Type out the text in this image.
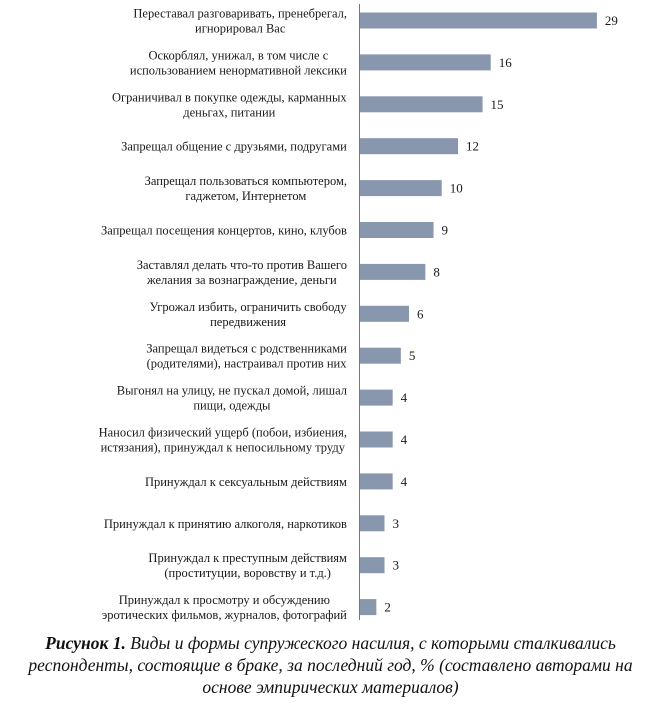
29
Переставал разговаривать, пренебрегал, игнорировал Вас
16
Оскорблял, унижал, в том числе с использованием ненормативной лексики
15
Ограничивал в покупке одежды, карманных деньгах, питании
12
Запрещал общение с друзьями, подругами
10
Запрещал пользоваться компьютером, гаджетом, Интернетом
9
Запрещал посещения концертов, кино, клубов
8
Заставлял делать что-то против Вашего желания за вознаграждение, деньги
6
Угрожал избить, ограничить свободу передвижения
5
Запрещал видеться с родственниками (родителями), настраивал против них
4
Выгонял на улицу, не пускал домой, лишал пищи, одежды
4
Наносил физический ущерб (побои, избиения, истязания), принуждал к непосильному труду
4
Принуждал к сексуальным действиям
3
Принуждал к принятию алкоголя, наркотиков
3
Принуждал к преступным действиям (проституции, воровству и т.д.)
2
Принуждал к просмотру и обсуждению эротических фильмов, журналов, фотографий
Рисунок 1. Виды и формы супружеского насилия, с которыми сталкивались респонденты, состоящие в браке, за последний год, % (составлено авторами на основе эмпирических материалов)
